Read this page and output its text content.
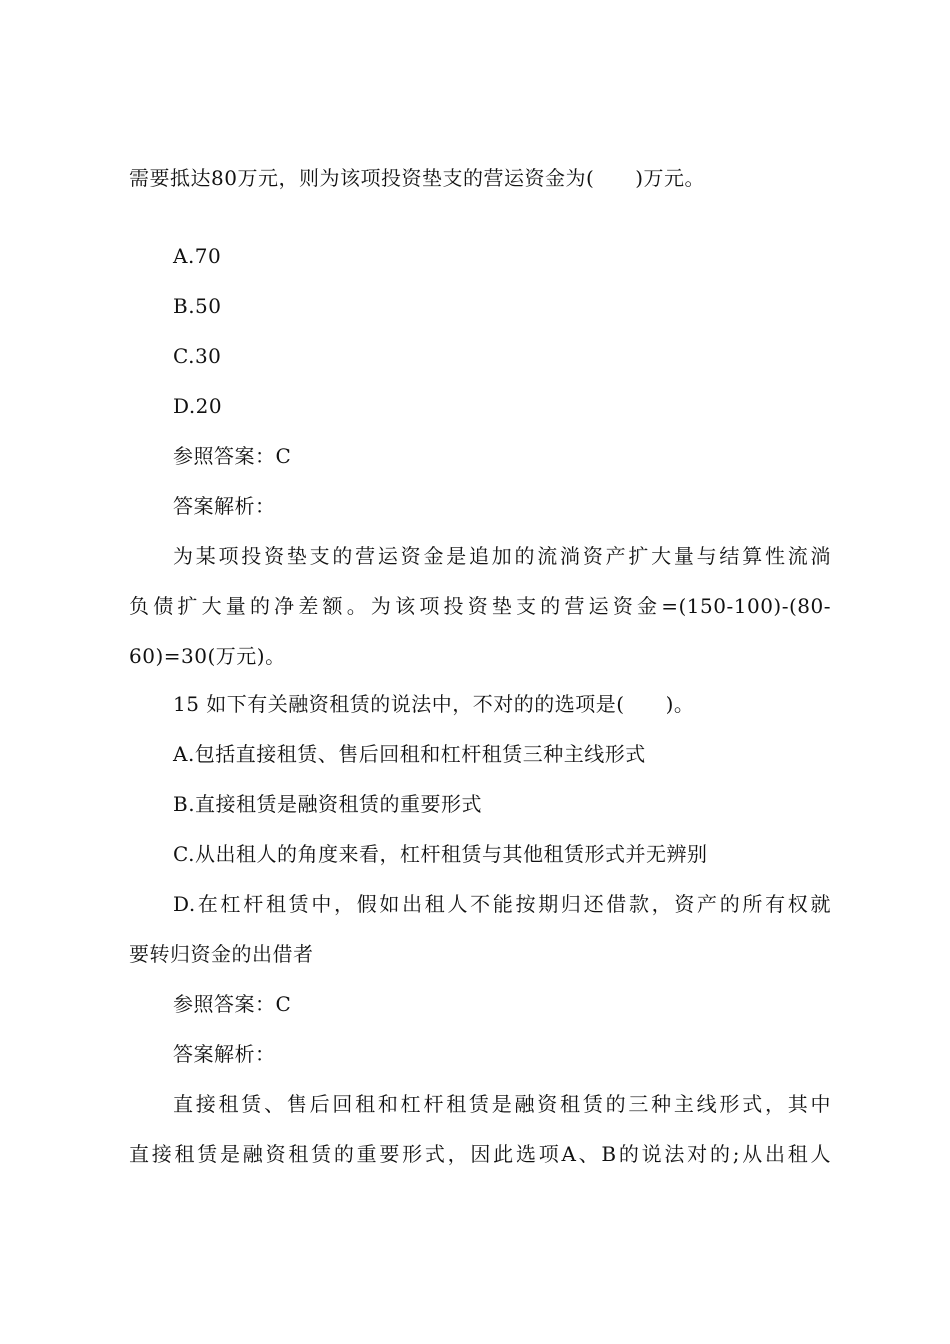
需要抵达80万元，则为该项投资垫支的营运资金为(　　)万元。
A.70
B.50
C.30
D.20
参照答案：C
答案解析：
为某项投资垫支的营运资金是追加的流淌资产扩大量与结算性流淌
负债扩大量的净差额。为该项投资垫支的营运资金=(150-100)-(80-
60)=30(万元)。
15 如下有关融资租赁的说法中，不对的的选项是(　　)。
A.包括直接租赁、售后回租和杠杆租赁三种主线形式
B.直接租赁是融资租赁的重要形式
C.从出租人的角度来看，杠杆租赁与其他租赁形式并无辨别
D.在杠杆租赁中，假如出租人不能按期归还借款，资产的所有权就
要转归资金的出借者
参照答案：C
答案解析：
直接租赁、售后回租和杠杆租赁是融资租赁的三种主线形式，其中
直接租赁是融资租赁的重要形式，因此选项A、B的说法对的;从出租人
